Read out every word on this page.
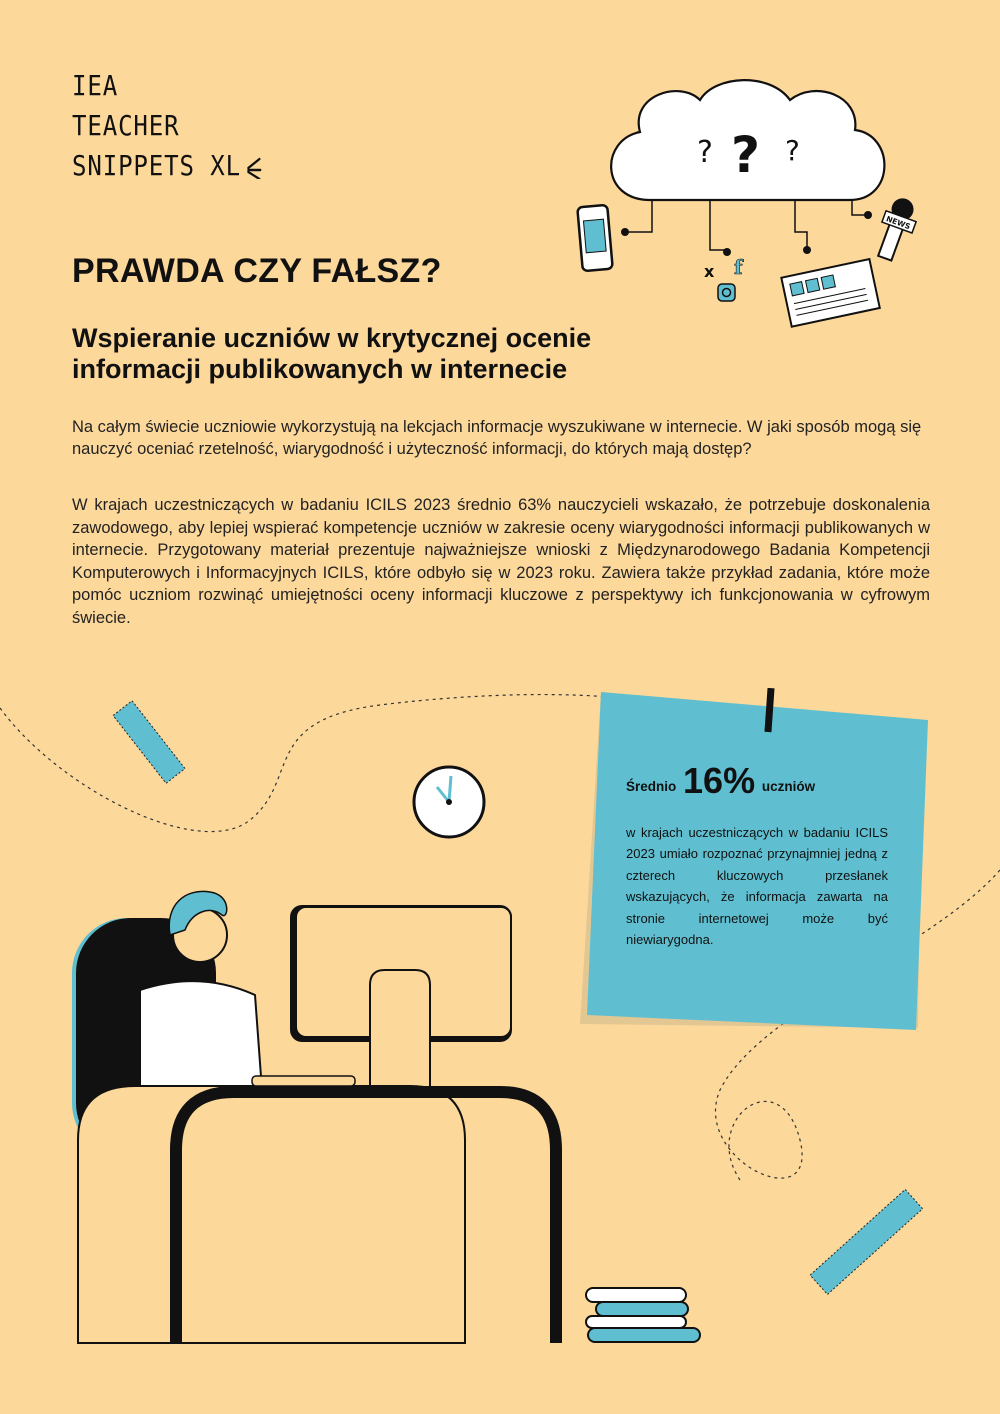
IEA
TEACHER
SNIPPETS XL
PRAWDA CZY FAŁSZ?
Wspieranie uczniów w krytycznej ocenie informacji publikowanych w internecie

Na całym świecie uczniowie wykorzystują na lekcjach informacje wyszukiwane w internecie. W jaki sposób mogą się nauczyć oceniać rzetelność, wiarygodność i użyteczność informacji, do których mają dostęp?

W krajach uczestniczących w badaniu ICILS 2023 średnio 63% nauczycieli wskazało, że potrzebuje doskonalenia zawodowego, aby lepiej wspierać kompetencje uczniów w zakresie oceny wiarygodności informacji publikowanych w internecie. Przygotowany materiał prezentuje najważniejsze wnioski z Międzynarodowego Badania Kompetencji Komputerowych i Informacyjnych ICILS, które odbyło się w 2023 roku. Zawiera także przykład zadania, które może pomóc uczniom rozwinąć umiejętności oceny informacji kluczowe z perspektywy ich funkcjonowania w cyfrowym świecie.

? ? ?
x f
NEWS
Średnio 16% uczniów
w krajach uczestniczących w badaniu ICILS 2023 umiało rozpoznać przynajmniej jedną z czterech kluczowych przesłanek wskazujących, że informacja zawarta na stronie internetowej może być niewiarygodna.
